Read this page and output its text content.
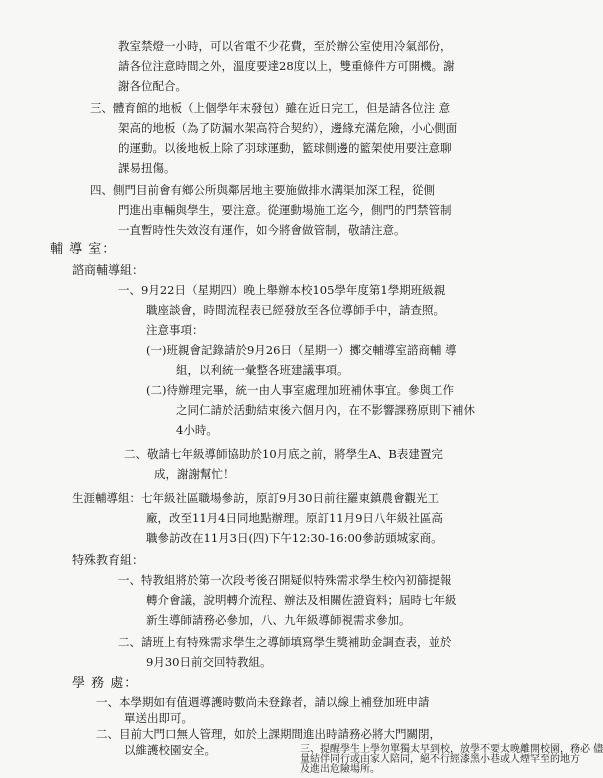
教室禁燈一小時，可以省電不少花費，至於辦公室使用冷氣部份，
請各位注意時間之外，溫度要達28度以上，雙重條件方可開機。謝
謝各位配合。
三、體育館的地板（上個學年末發包）雖在近日完工，但是請各位注 意
架高的地板（為了防漏水架高符合契約），邊緣充滿危險，小心側面
的運動。以後地板上除了羽球運動，籃球側邊的籃架使用要注意聊
課易扭傷。
四、側門目前會有鄉公所與鄰居地主要施做排水溝渠加深工程，從側
門進出車輛與學生，要注意。從運動場施工迄今，側門的門禁管制
一直暫時性失效沒有運作，如今將會做管制，敬請注意。
輔 導 室：
諮商輔導組：
一、9月22日（星期四）晚上舉辦本校105學年度第1學期班級親
職座談會，時間流程表已經發放至各位導師手中，請查照。
注意事項：
(一)班親會記錄請於9月26日（星期一）擲交輔導室諮商輔 導
組，以利統一彙整各班建議事項。
(二)待辦理完畢，統一由人事室處理加班補休事宜。參與工作
之同仁請於活動結束後六個月內，在不影響課務原則下補休
4小時。
二、敬請七年級導師協助於10月底之前，將學生A、B表建置完
成，謝謝幫忙！
生涯輔導組：七年級社區職場參訪，原訂9月30日前往羅東鎮農會觀光工
廠，改至11月4日同地點辦理。原訂11月9日八年級社區高
職參訪改在11月3日(四)下午12:30-16:00參訪頭城家商。
特殊教育組：
一、特教組將於第一次段考後召開疑似特殊需求學生校內初篩提報
轉介會議，說明轉介流程、辦法及相關佐證資料；屆時七年級
新生導師請務必參加，八、九年級導師視需求參加。
二、請班上有特殊需求學生之導師填寫學生獎補助金調查表，並於
9月30日前交回特教組。
學 務 處：
一、本學期如有值週導護時數尚未登錄者，請以線上補登加班申請
單送出即可。
二、目前大門口無人管理，如於上課期間進出時請務必將大門關閉，
以維護校園安全。	三、提醒學生上學勿單獨太早到校，放學不要太晚離開校園，務必 儘
量結伴同行或由家人陪同，絕不行經漆黑小巷或人煙罕至的地方
及進出危險場所。
